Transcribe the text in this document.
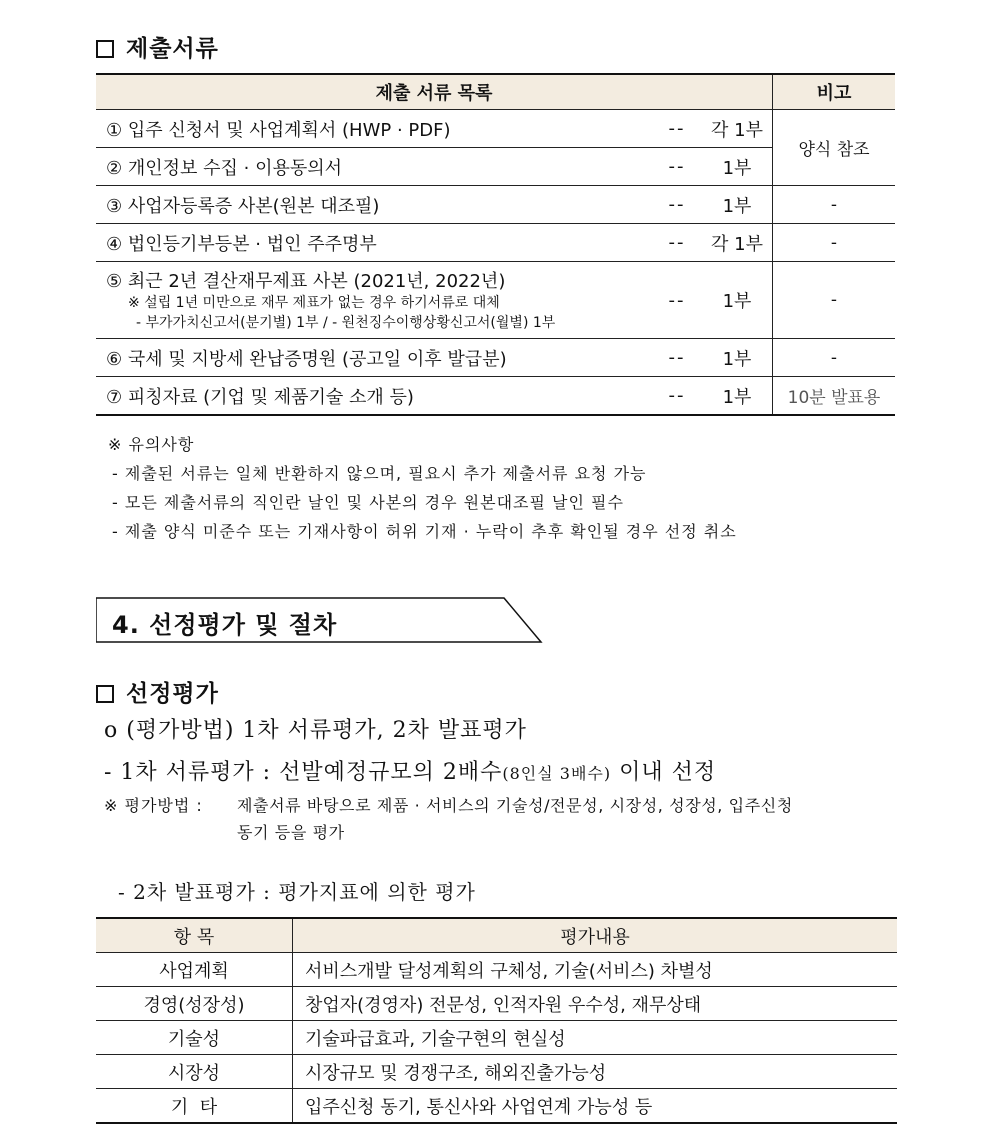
제출서류
제출 서류 목록			비고
① 입주 신청서 및 사업계획서 (HWP · PDF)	--	각 1부	양식 참조
② 개인정보 수집 · 이용동의서	--	1부	
③ 사업자등록증 사본(원본 대조필)	--	1부	-
④ 법인등기부등본 · 법인 주주명부	--	각 1부	-

⑤ 최근 2년 결산재무제표 사본 (2021년, 2022년)
※ 설립 1년 미만으로 재무 제표가 없는 경우 하기서류로 대체
- 부가가치신고서(분기별) 1부 / - 원천징수이행상황신고서(월별) 1부	--	1부	-
⑥ 국세 및 지방세 완납증명원 (공고일 이후 발급분)	--	1부	-
⑦ 피칭자료 (기업 및 제품기술 소개 등)	--	1부	10분 발표용
※ 유의사항
- 제출된 서류는 일체 반환하지 않으며, 필요시 추가 제출서류 요청 가능
- 모든 제출서류의 직인란 날인 및 사본의 경우 원본대조필 날인 필수
- 제출 양식 미준수 또는 기재사항이 허위 기재 · 누락이 추후 확인될 경우 선정 취소
4. 선정평가 및 절차
선정평가
o (평가방법) 1차 서류평가, 2차 발표평가
- 1차 서류평가 : 선발예정규모의 2배수(8인실 3배수) 이내 선정
※ 평가방법 : 제출서류 바탕으로 제품 · 서비스의 기술성/전문성, 시장성, 성장성, 입주신청
동기 등을 평가
- 2차 발표평가 : 평가지표에 의한 평가
항 목	평가내용
사업계획	서비스개발 달성계획의 구체성, 기술(서비스) 차별성
경영(성장성)	창업자(경영자) 전문성, 인적자원 우수성, 재무상태
기술성	기술파급효과, 기술구현의 현실성
시장성	시장규모 및 경쟁구조, 해외진출가능성
기  타	입주신청 동기, 통신사와 사업연계 가능성 등
